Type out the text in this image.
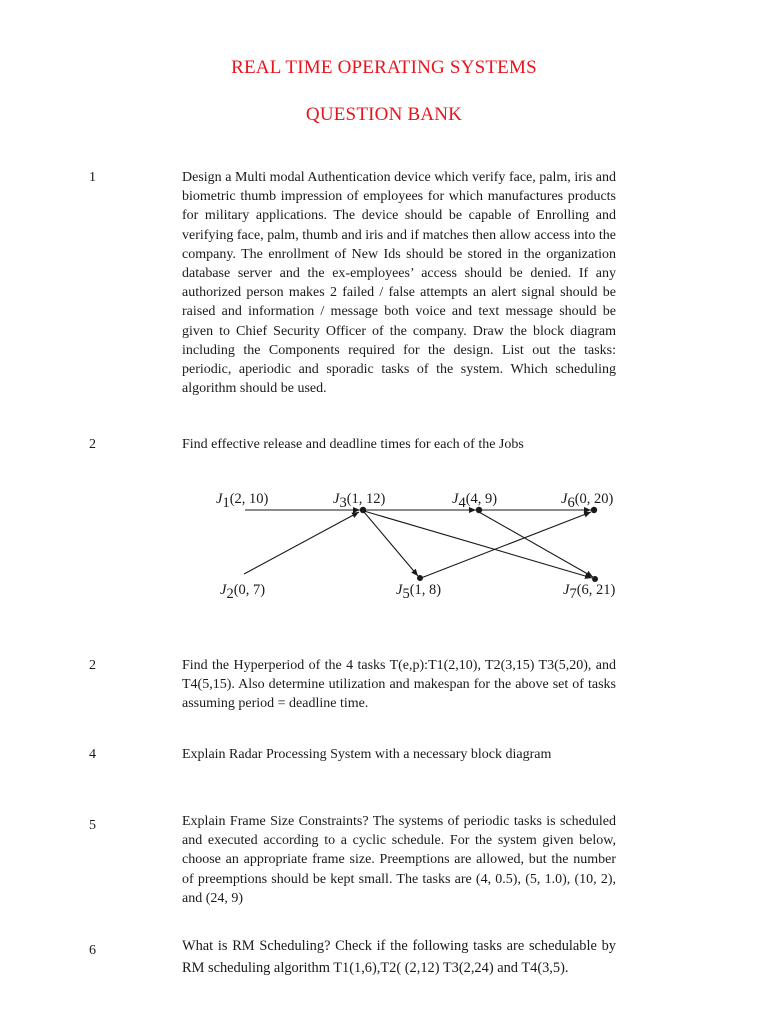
REAL TIME OPERATING SYSTEMS
QUESTION BANK
1	Design a Multi modal Authentication device which verify face, palm, iris and biometric thumb impression of employees for which manufactures products for military applications. The device should be capable of Enrolling and verifying face, palm, thumb and iris and if matches then allow access into the company. The enrollment of New Ids should be stored in the organization database server and the ex-employees’ access should be denied. If any authorized person makes 2 failed / false attempts an alert signal should be raised and information / message both voice and text message should be given to Chief Security Officer of the company. Draw the block diagram including the Components required for the design. List out the tasks: periodic, aperiodic and sporadic tasks of the system. Which scheduling algorithm should be used.
2	Find effective release and deadline times for each of the Jobs
J1(2, 10)	J3(1, 12)	J4(4, 9)	J6(0, 20)
J2(0, 7)	J5(1, 8)	J7(6, 21)
2	Find the Hyperperiod of the 4 tasks T(e,p):T1(2,10), T2(3,15) T3(5,20), and T4(5,15). Also determine utilization and makespan for the above set of tasks assuming period = deadline time.
4	Explain Radar Processing System with a necessary block diagram
5	Explain Frame Size Constraints? The systems of periodic tasks is scheduled and executed according to a cyclic schedule. For the system given below, choose an appropriate frame size. Preemptions are allowed, but the number of preemptions should be kept small. The tasks are (4, 0.5), (5, 1.0), (10, 2), and (24, 9)
6	What is RM Scheduling? Check if the following tasks are schedulable by RM scheduling algorithm T1(1,6),T2( (2,12) T3(2,24) and T4(3,5).
